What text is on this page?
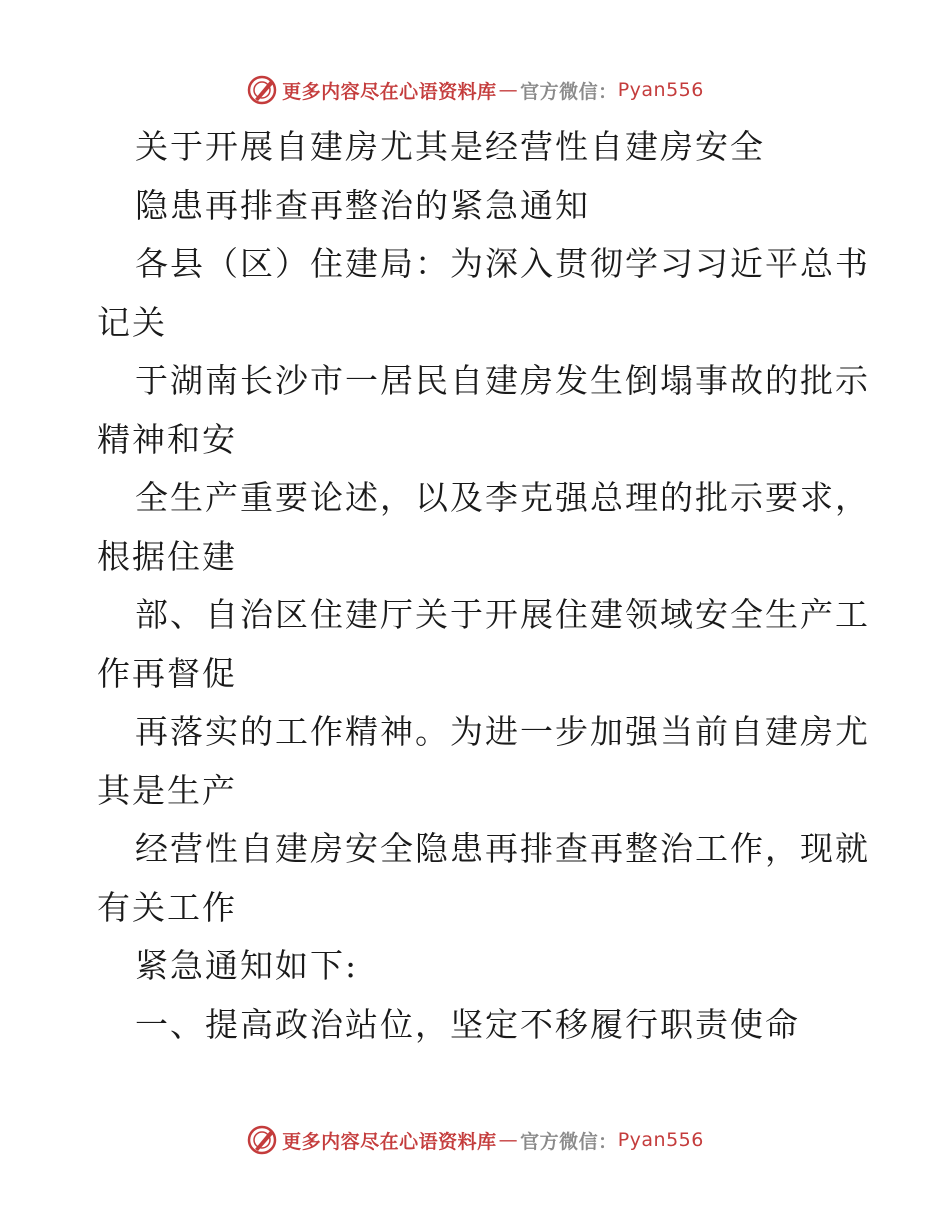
更多内容尽在心语资料库 — 官方微信： Pyan556
关于开展自建房尤其是经营性自建房安全
隐患再排查再整治的紧急通知
各县（区）住建局：为深入贯彻学习习近平总书
记关
于湖南长沙市一居民自建房发生倒塌事故的批示
精神和安
全生产重要论述，以及李克强总理的批示要求，
根据住建
部、自治区住建厅关于开展住建领域安全生产工
作再督促
再落实的工作精神。为进一步加强当前自建房尤
其是生产
经营性自建房安全隐患再排查再整治工作，现就
有关工作
紧急通知如下:
一、提高政治站位，坚定不移履行职责使命
更多内容尽在心语资料库 — 官方微信： Pyan556
